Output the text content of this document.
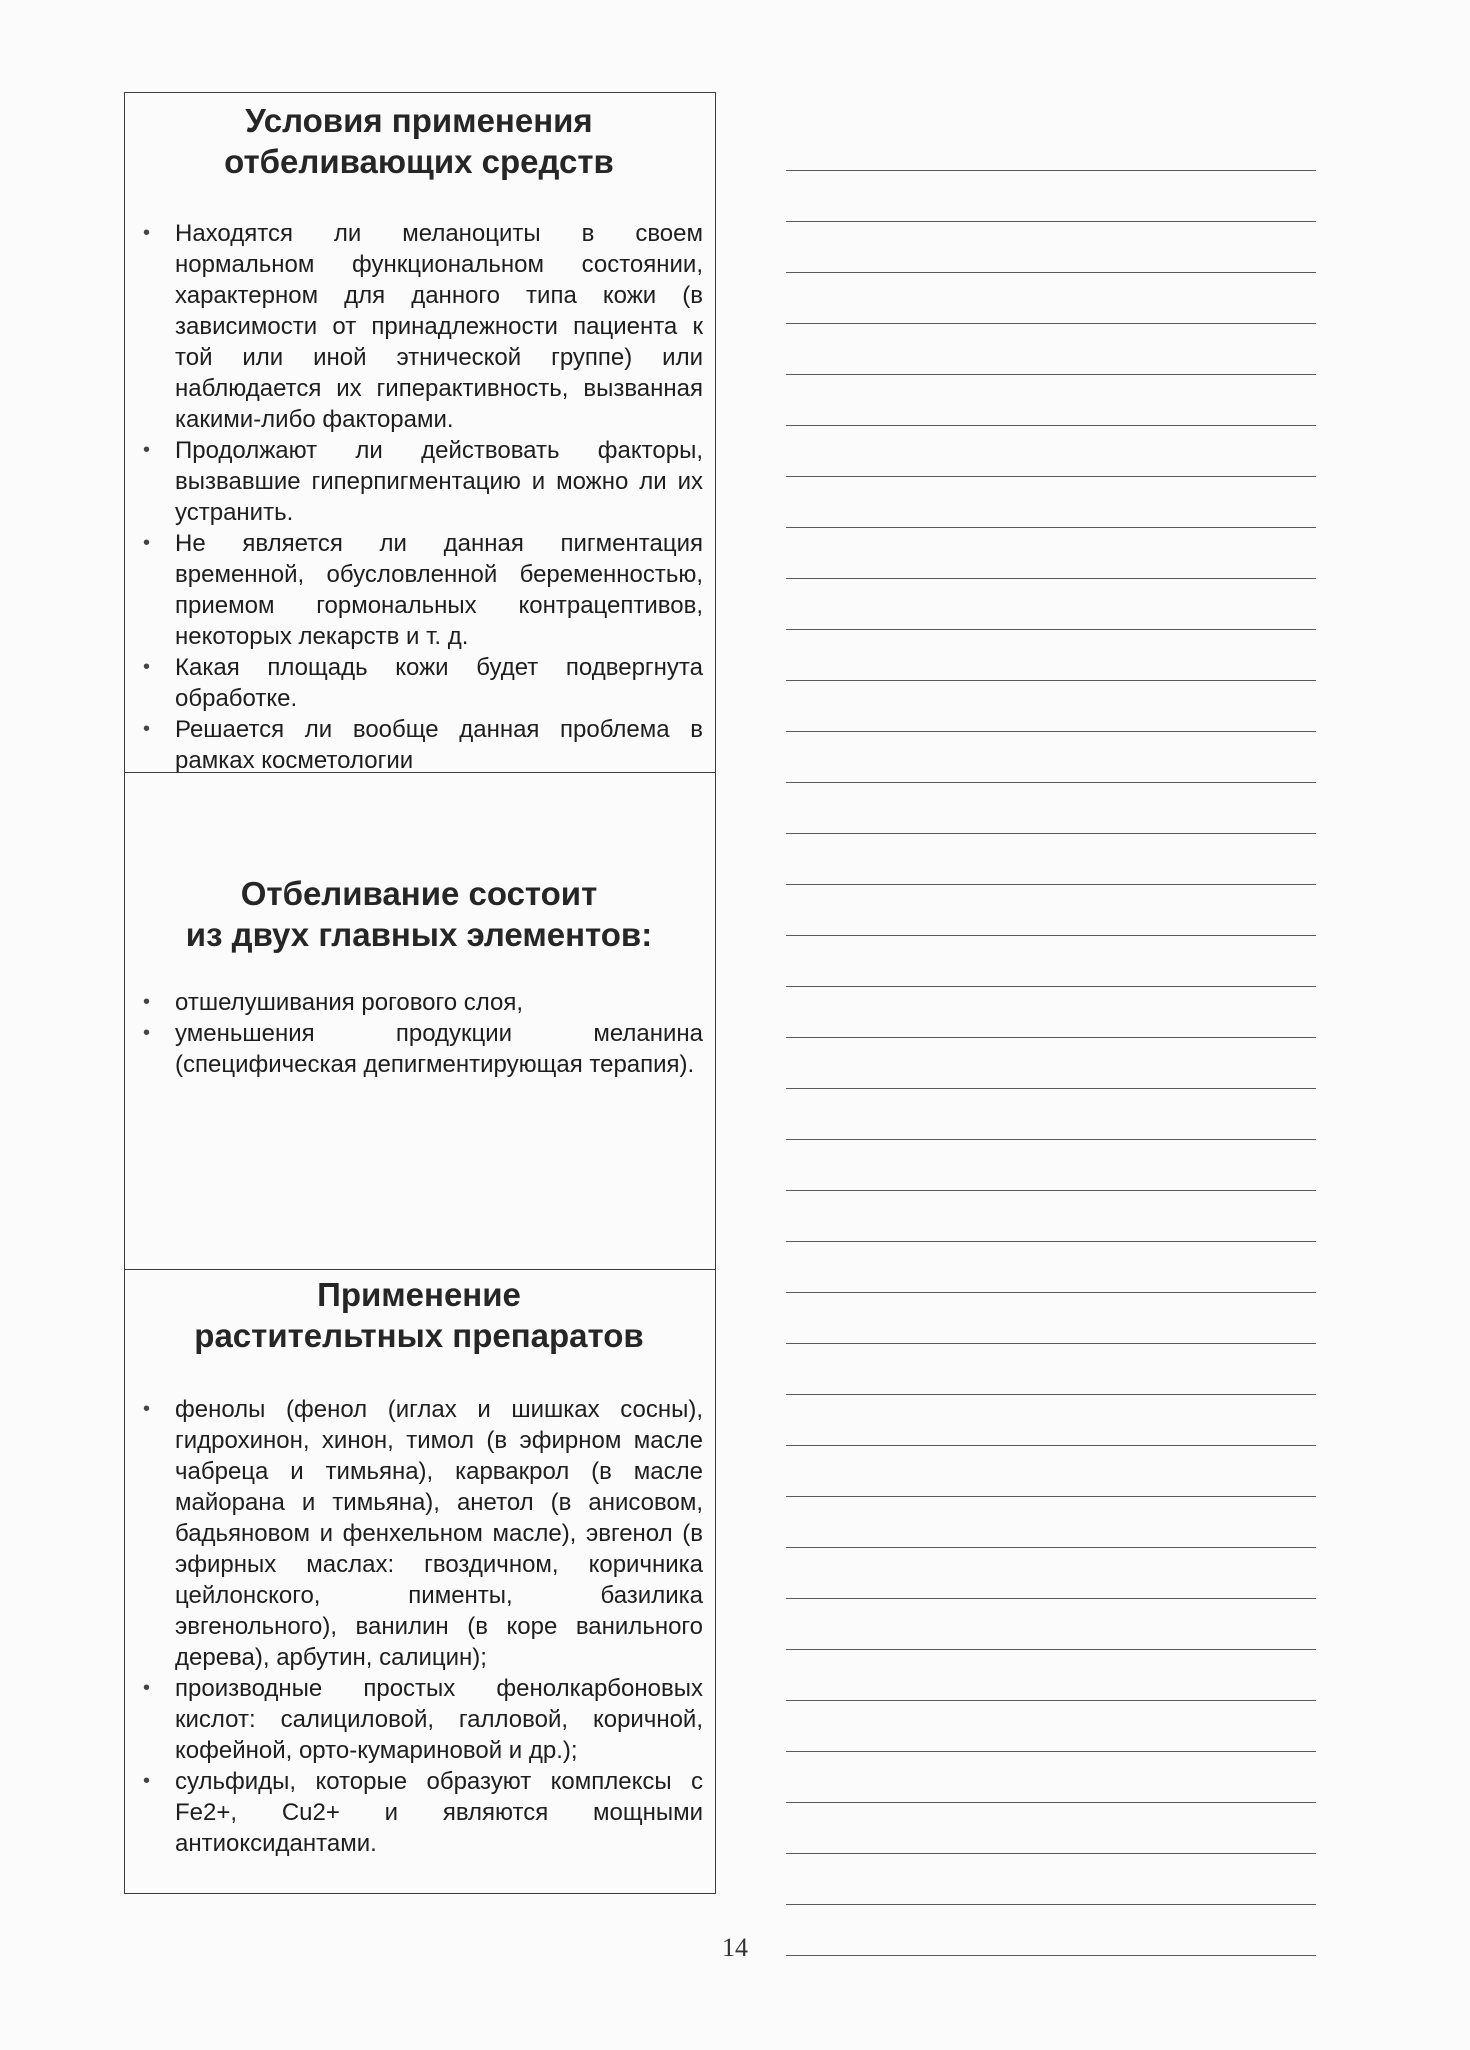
Условия применения
отбеливающих средств
• Находятся ли меланоциты в своем нормальном функциональном состоянии, характерном для данного типа кожи (в зависимости от принадлежности пациента к той или иной этнической группе) или наблюдается их гиперактивность, вызванная какими-либо факторами.
• Продолжают ли действовать факторы, вызвавшие гиперпигментацию и можно ли их устранить.
• Не является ли данная пигментация временной, обусловленной беременностью, приемом гормональных контрацептивов, некоторых лекарств и т. д.
• Какая площадь кожи будет подвергнута обработке.
• Решается ли вообще данная проблема в рамках косметологии
Отбеливание состоит
из двух главных элементов:
• отшелушивания рогового слоя,
• уменьшения продукции меланина (специфическая депигментирующая терапия).
Применение
раститeльтных препаратов
• фенолы (фенол (иглах и шишках сосны), гидрохинон, хинон, тимол (в эфирном масле чабреца и тимьяна), карвакрол (в масле майорана и тимьяна), анетол (в анисовом, бадьяновом и фенхельном масле), эвгенол (в эфирных маслах: гвоздичном, коричника цейлонского, пименты, базилика эвгенольного), ванилин (в коре ванильного дерева), арбутин, салицин);
• производные простых фенолкарбоновых кислот: салициловой, галловой, коричной, кофейной, орто-кумариновой и др.);
• сульфиды, которые образуют комплексы с Fe2+, Cu2+ и являются мощными антиоксидантами.
14
